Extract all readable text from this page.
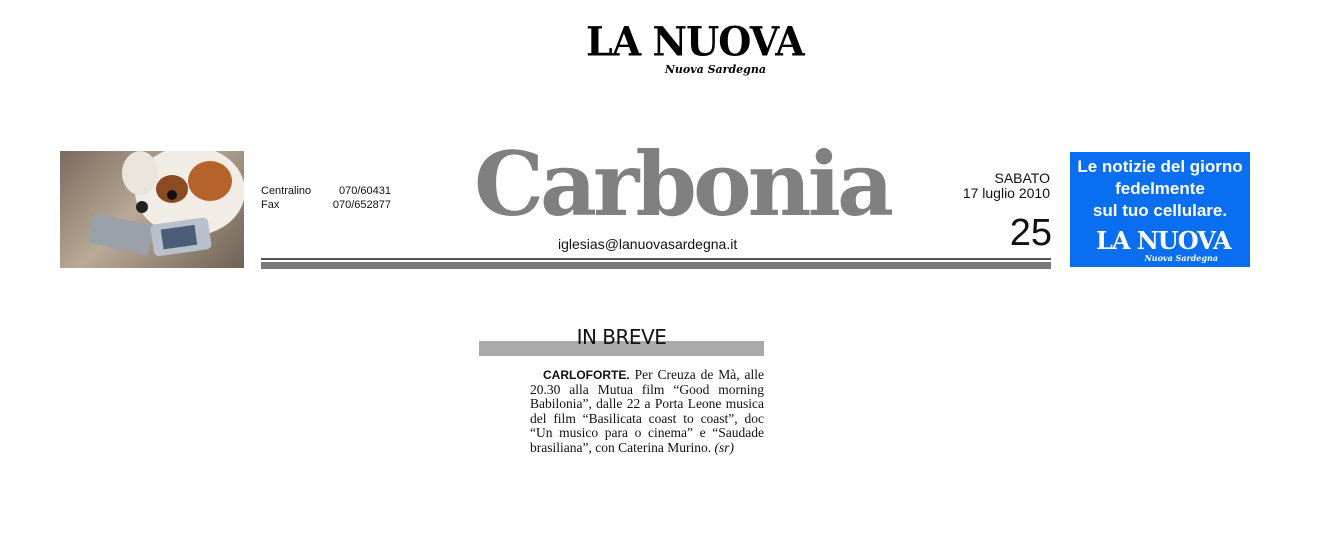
LA NUOVA
Nuova Sardegna
Centralino	070/60431
Fax	070/652877 Carbonia
iglesias@lanuovasardegna.it
SABATO
17 luglio 2010
25
Le notizie del giorno
fedelmente
sul tuo cellulare.
LA NUOVA
Nuova Sardegna
IN BREVE
CARLOFORTE. Per Creuza de Mà, alle 20.30 alla Mutua film “Good morning Babilonia”, dalle 22 a Porta Leone musica del film “Basilicata coast to coast”, doc “Un musico para o cinema” e “Saudade brasiliana”, con Caterina Murino. (sr)
